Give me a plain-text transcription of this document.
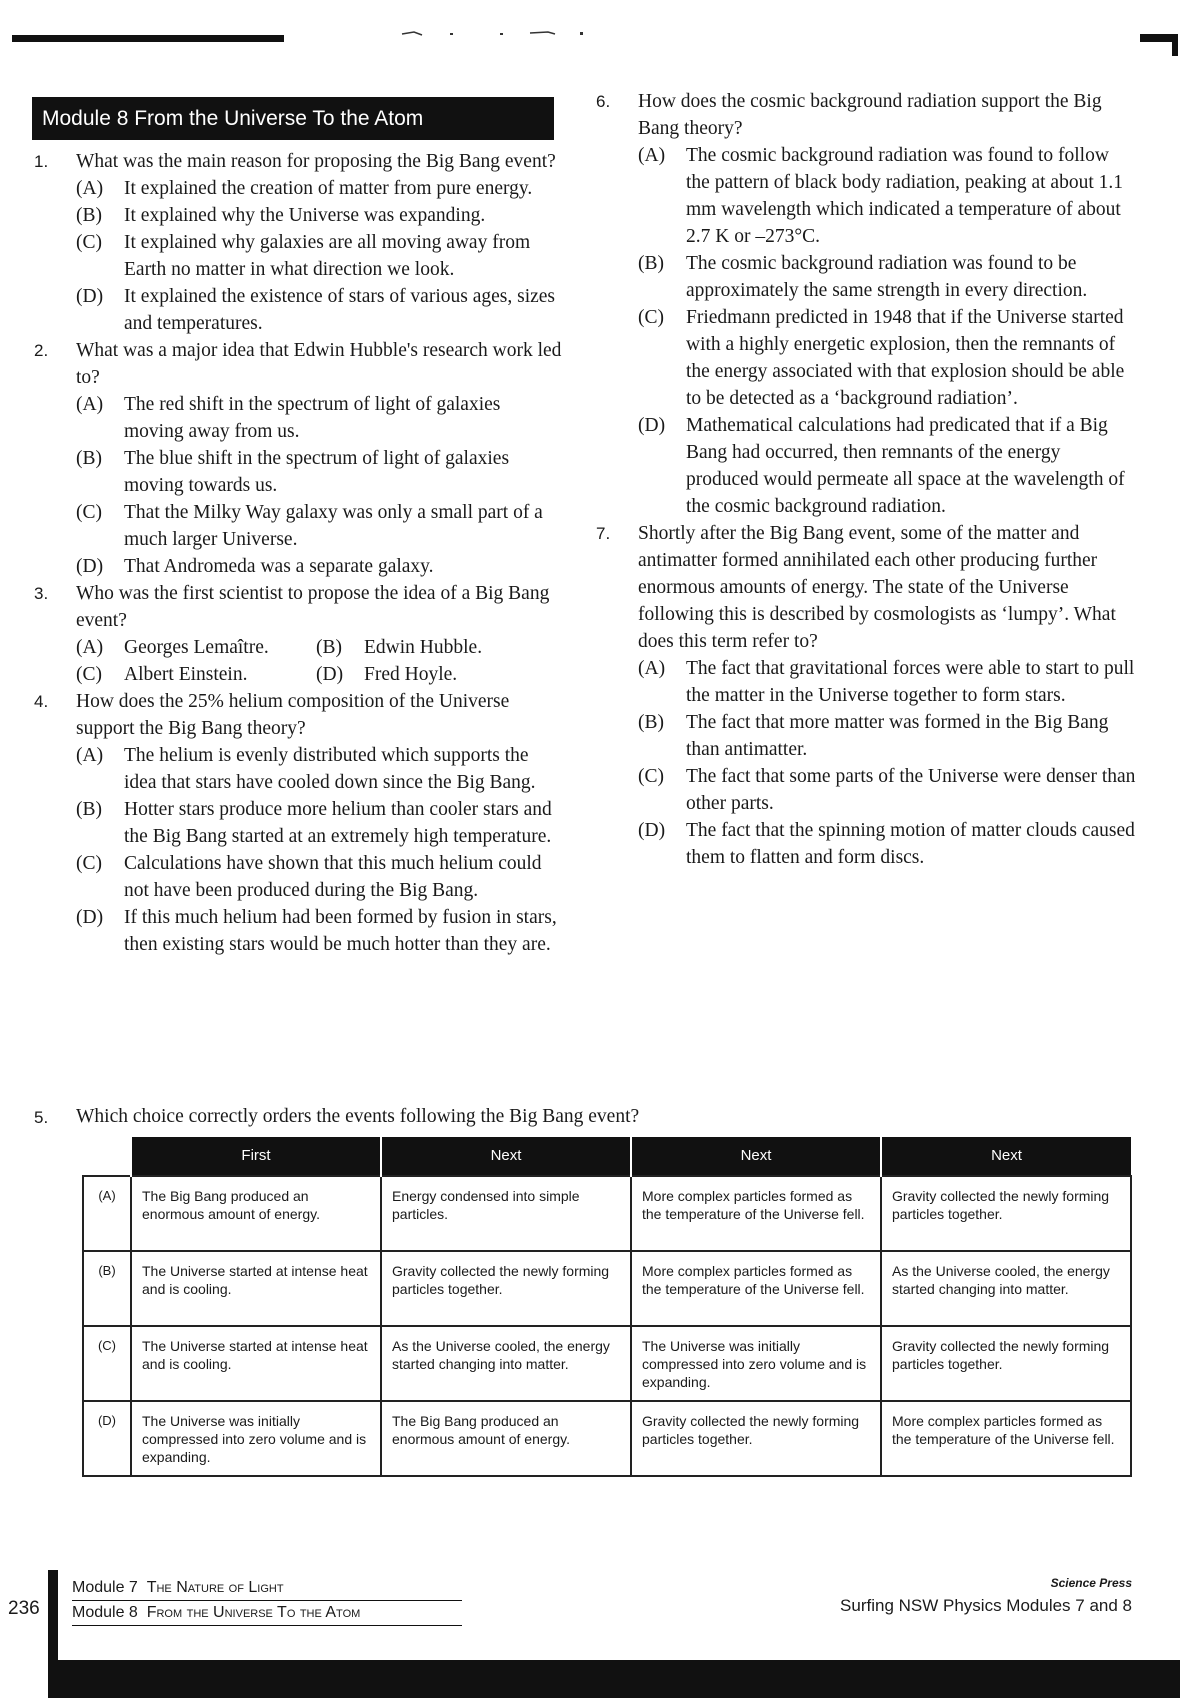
Module 8 From the Universe To the Atom
1.	What was the main reason for proposing the Big Bang event?
(A) It explained the creation of matter from pure energy.
(B) It explained why the Universe was expanding.
(C) It explained why galaxies are all moving away from Earth no matter in what direction we look.
(D) It explained the existence of stars of various ages, sizes and temperatures.
2.	What was a major idea that Edwin Hubble's research work led to?
(A) The red shift in the spectrum of light of galaxies moving away from us.
(B) The blue shift in the spectrum of light of galaxies moving towards us.
(C) That the Milky Way galaxy was only a small part of a much larger Universe.
(D) That Andromeda was a separate galaxy.
3.	Who was the first scientist to propose the idea of a Big Bang event?
(A)	Georges Lemaître. (B)	Edwin Hubble.
(C)	Albert Einstein.	(D)	Fred Hoyle.
4.	How does the 25% helium composition of the Universe support the Big Bang theory?
(A) The helium is evenly distributed which supports the idea that stars have cooled down since the Big Bang.
(B) Hotter stars produce more helium than cooler stars and the Big Bang started at an extremely high temperature.
(C) Calculations have shown that this much helium could not have been produced during the Big Bang.
(D) If this much helium had been formed by fusion in stars, then existing stars would be much hotter than they are.
6.	How does the cosmic background radiation support the Big Bang theory?
(A) The cosmic background radiation was found to follow the pattern of black body radiation, peaking at about 1.1 mm wavelength which indicated a temperature of about 2.7 K or –273°C.
(B) The cosmic background radiation was found to be approximately the same strength in every direction.
(C) Friedmann predicted in 1948 that if the Universe started with a highly energetic explosion, then the remnants of the energy associated with that explosion should be able to be detected as a ‘background radiation’.
(D) Mathematical calculations had predicated that if a Big Bang had occurred, then remnants of the energy produced would permeate all space at the wavelength of the cosmic background radiation.
7.	Shortly after the Big Bang event, some of the matter and antimatter formed annihilated each other producing further enormous amounts of energy. The state of the Universe following this is described by cosmologists as ‘lumpy’. What does this term refer to?
(A) The fact that gravitational forces were able to start to pull the matter in the Universe together to form stars.
(B) The fact that more matter was formed in the Big Bang than antimatter.
(C) The fact that some parts of the Universe were denser than other parts.
(D) The fact that the spinning motion of matter clouds caused them to flatten and form discs.
5.	Which choice correctly orders the events following the Big Bang event?
	First	Next	Next	Next
(A)	The Big Bang produced an enormous amount of energy.	Energy condensed into simple particles.	More complex particles formed as the temperature of the Universe fell.	Gravity collected the newly forming particles together.
(B)	The Universe started at intense heat and is cooling.	Gravity collected the newly forming particles together.	More complex particles formed as the temperature of the Universe fell.	As the Universe cooled, the energy started changing into matter.
(C)	The Universe started at intense heat and is cooling.	As the Universe cooled, the energy started changing into matter.	The Universe was initially compressed into zero volume and is expanding.	Gravity collected the newly forming particles together.
(D)	The Universe was initially compressed into zero volume and is expanding.	The Big Bang produced an enormous amount of energy.	Gravity collected the newly forming particles together.	More complex particles formed as the temperature of the Universe fell.
236
Module 7 The Nature of Light
Module 8 From the Universe To the Atom
Science Press
Surfing NSW Physics Modules 7 and 8
